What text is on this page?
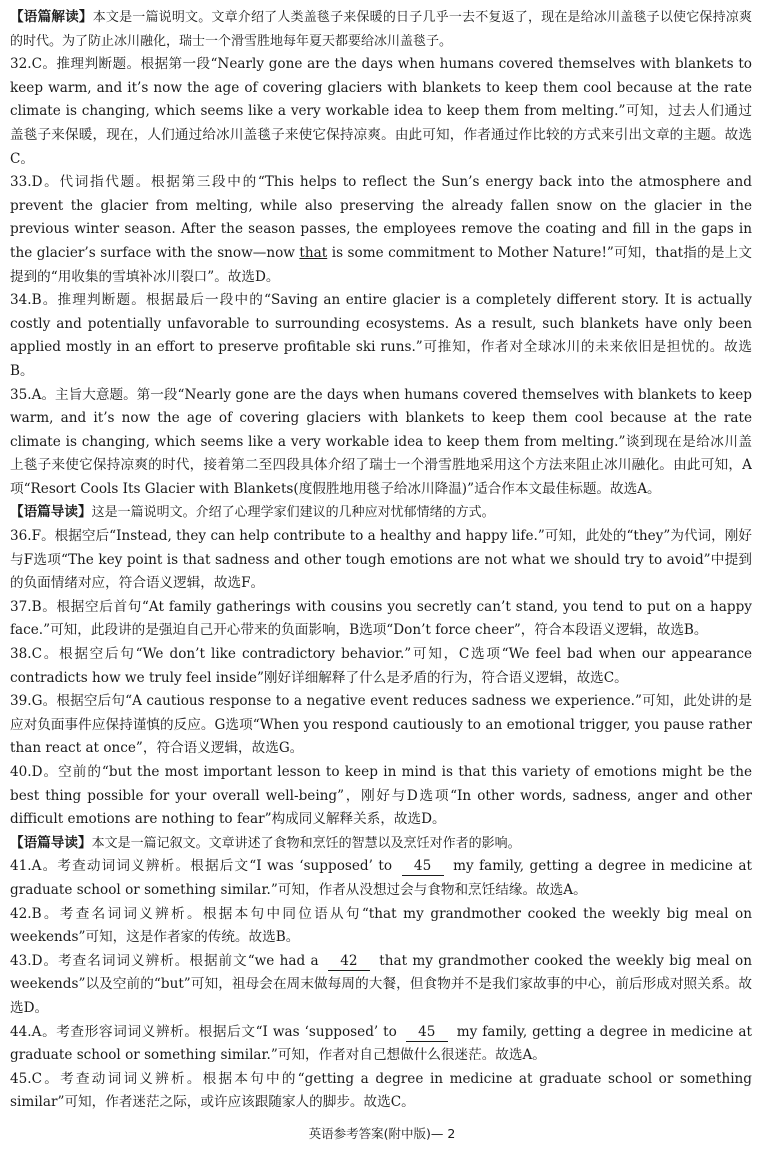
【语篇解读】本文是一篇说明文。文章介绍了人类盖毯子来保暖的日子几乎一去不复返了，现在是给冰川盖毯子以使它保持凉爽的时代。为了防止冰川融化，瑞士一个滑雪胜地每年夏天都要给冰川盖毯子。

32.C。推理判断题。根据第一段“Nearly gone are the days when humans covered themselves with blankets to keep warm, and it’s now the age of covering glaciers with blankets to keep them cool because at the rate climate is changing, which seems like a very workable idea to keep them from melting.”可知，过去人们通过盖毯子来保暖，现在，人们通过给冰川盖毯子来使它保持凉爽。由此可知，作者通过作比较的方式来引出文章的主题。故选C。

33.D。代词指代题。根据第三段中的“This helps to reflect the Sun’s energy back into the atmosphere and prevent the glacier from melting, while also preserving the already fallen snow on the glacier in the previous winter season. After the season passes, the employees remove the coating and fill in the gaps in the glacier’s surface with the snow—now that is some commitment to Mother Nature!”可知，that指的是上文提到的“用收集的雪填补冰川裂口”。故选D。

34.B。推理判断题。根据最后一段中的“Saving an entire glacier is a completely different story. It is actually costly and potentially unfavorable to surrounding ecosystems. As a result, such blankets have only been applied mostly in an effort to preserve profitable ski runs.”可推知，作者对全球冰川的未来依旧是担忧的。故选B。

35.A。主旨大意题。第一段“Nearly gone are the days when humans covered themselves with blankets to keep warm, and it’s now the age of covering glaciers with blankets to keep them cool because at the rate climate is changing, which seems like a very workable idea to keep them from melting.”谈到现在是给冰川盖上毯子来使它保持凉爽的时代，接着第二至四段具体介绍了瑞士一个滑雪胜地采用这个方法来阻止冰川融化。由此可知，A项“Resort Cools Its Glacier with Blankets(度假胜地用毯子给冰川降温)”适合作本文最佳标题。故选A。

【语篇导读】这是一篇说明文。介绍了心理学家们建议的几种应对忧郁情绪的方式。

36.F。根据空后“Instead, they can help contribute to a healthy and happy life.”可知，此处的“they”为代词，刚好与F选项“The key point is that sadness and other tough emotions are not what we should try to avoid”中提到的负面情绪对应，符合语义逻辑，故选F。

37.B。根据空后首句“At family gatherings with cousins you secretly can’t stand, you tend to put on a happy face.”可知，此段讲的是强迫自己开心带来的负面影响，B选项“Don’t force cheer”，符合本段语义逻辑，故选B。

38.C。根据空后句“We don’t like contradictory behavior.”可知，C选项“We feel bad when our appearance contradicts how we truly feel inside”刚好详细解释了什么是矛盾的行为，符合语义逻辑，故选C。

39.G。根据空后句“A cautious response to a negative event reduces sadness we experience.”可知，此处讲的是应对负面事件应保持谨慎的反应。G选项“When you respond cautiously to an emotional trigger, you pause rather than react at once”，符合语义逻辑，故选G。

40.D。空前的“but the most important lesson to keep in mind is that this variety of emotions might be the best thing possible for your overall well-being”，刚好与D选项“In other words, sadness, anger and other difficult emotions are nothing to fear”构成同义解释关系，故选D。

【语篇导读】本文是一篇记叙文。文章讲述了食物和烹饪的智慧以及烹饪对作者的影响。

41.A。考查动词词义辨析。根据后文“I was ‘supposed’ to 45 my family, getting a degree in medicine at graduate school or something similar.”可知，作者从没想过会与食物和烹饪结缘。故选A。

42.B。考查名词词义辨析。根据本句中同位语从句“that my grandmother cooked the weekly big meal on weekends”可知，这是作者家的传统。故选B。

43.D。考查名词词义辨析。根据前文“we had a 42 that my grandmother cooked the weekly big meal on weekends”以及空前的“but”可知，祖母会在周末做每周的大餐，但食物并不是我们家故事的中心，前后形成对照关系。故选D。

44.A。考查形容词词义辨析。根据后文“I was ‘supposed’ to 45 my family, getting a degree in medicine at graduate school or something similar.”可知，作者对自己想做什么很迷茫。故选A。

45.C。考查动词词义辨析。根据本句中的“getting a degree in medicine at graduate school or something similar”可知，作者迷茫之际，或许应该跟随家人的脚步。故选C。

英语参考答案(附中版)— 2
